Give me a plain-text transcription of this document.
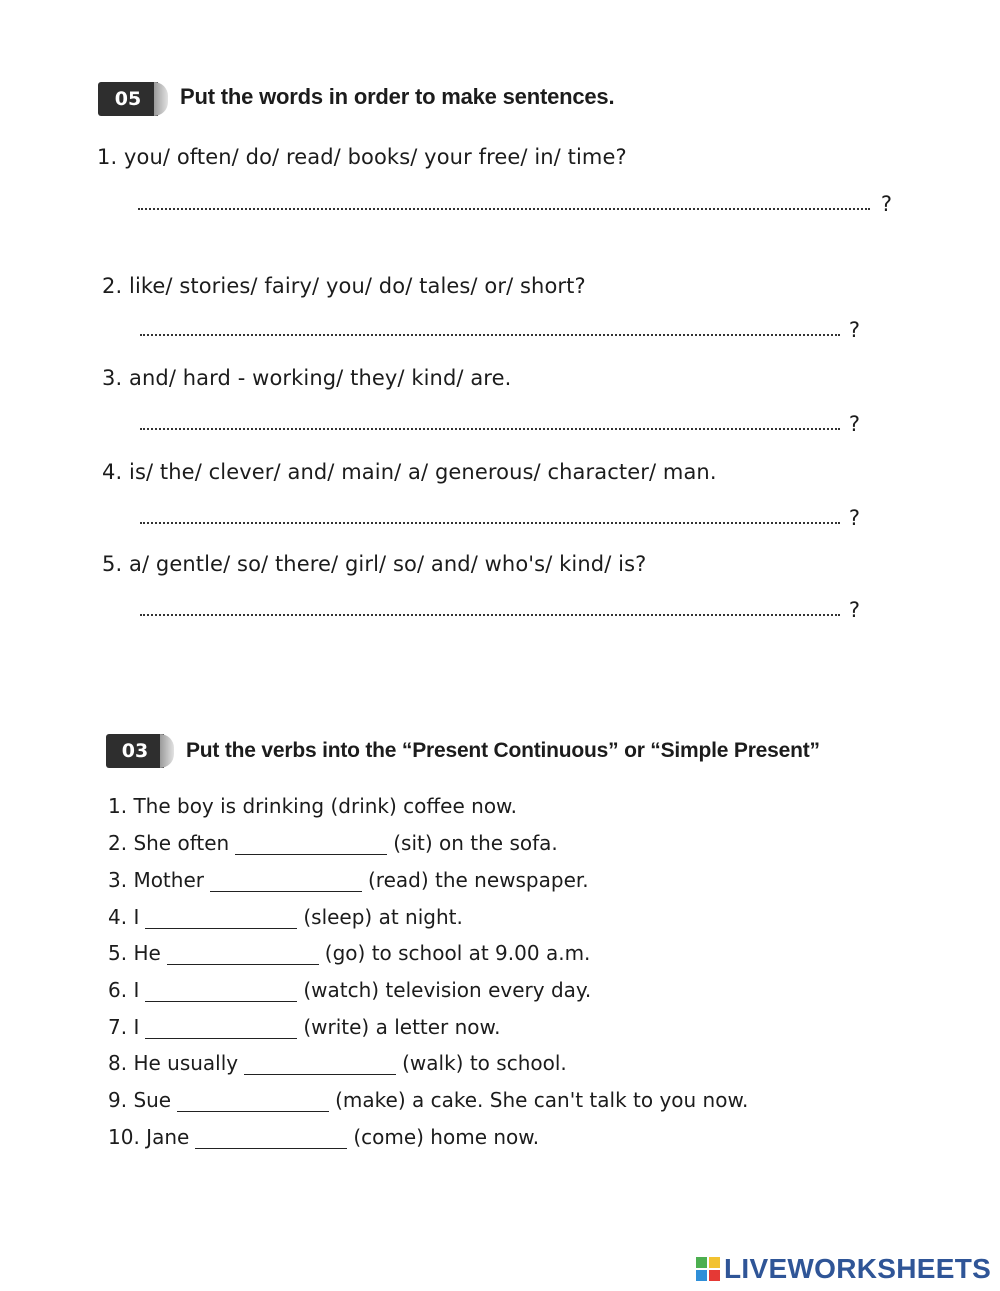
05 Put the words in order to make sentences.
1. you/ often/ do/ read/ books/ your free/ in/ time?
?
2. like/ stories/ fairy/ you/ do/ tales/ or/ short?
?
3. and/ hard - working/ they/ kind/ are.
?
4. is/ the/ clever/ and/ main/ a/ generous/ character/ man.
?
5. a/ gentle/ so/ there/ girl/ so/ and/ who's/ kind/ is?
?
03 Put the verbs into the “Present Continuous” or “Simple Present”
1. The boy is drinking (drink) coffee now.
2. She often	(sit) on the sofa.
3. Mother	(read) the newspaper.
4. I	(sleep) at night.
5. He	(go) to school at 9.00 a.m.
6. I	(watch) television every day.
7. I	(write) a letter now.
8. He usually	(walk) to school.
9. Sue	(make) a cake. She can't talk to you now.
10. Jane	(come) home now.
LIVEWORKSHEETS
